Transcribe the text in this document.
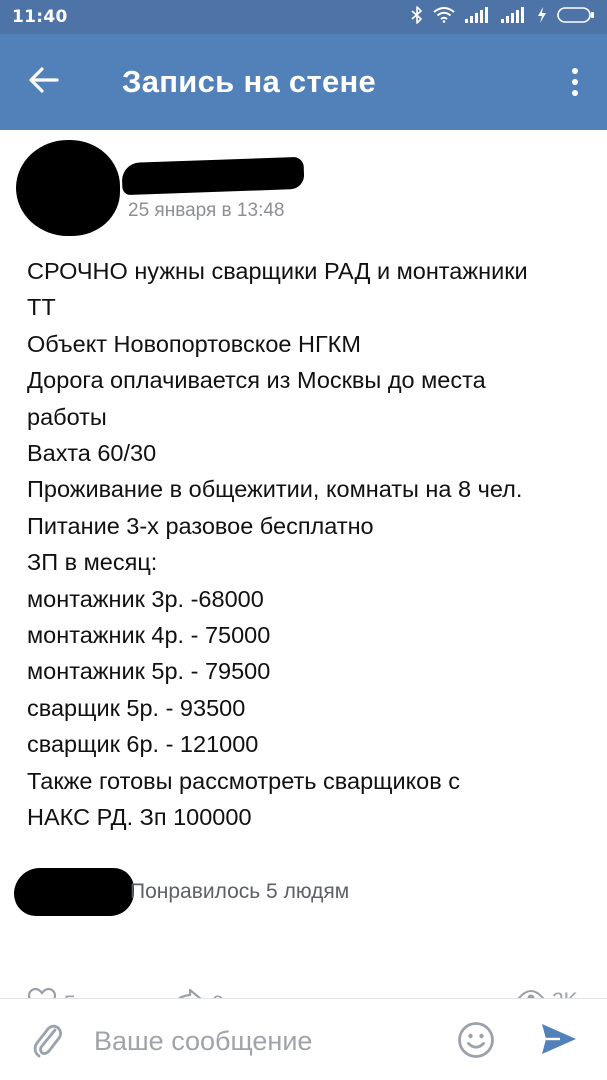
11:40
Запись на стене
25 января в 13:48
СРОЧНО нужны сварщики РАД и монтажники
ТТ
Объект Новопортовское НГКМ
Дорога оплачивается из Москвы до места
работы
Вахта 60/30
Проживание в общежитии, комнаты на 8 чел.
Питание 3-х разовое бесплатно
ЗП в месяц:
монтажник 3р. -68000
монтажник 4р. - 75000
монтажник 5р. - 79500
сварщик 5р. - 93500
сварщик 6р. - 121000
Также готовы рассмотреть сварщиков с
НАКС РД. Зп 100000
Понравилось 5 людям
Ваше сообщение
